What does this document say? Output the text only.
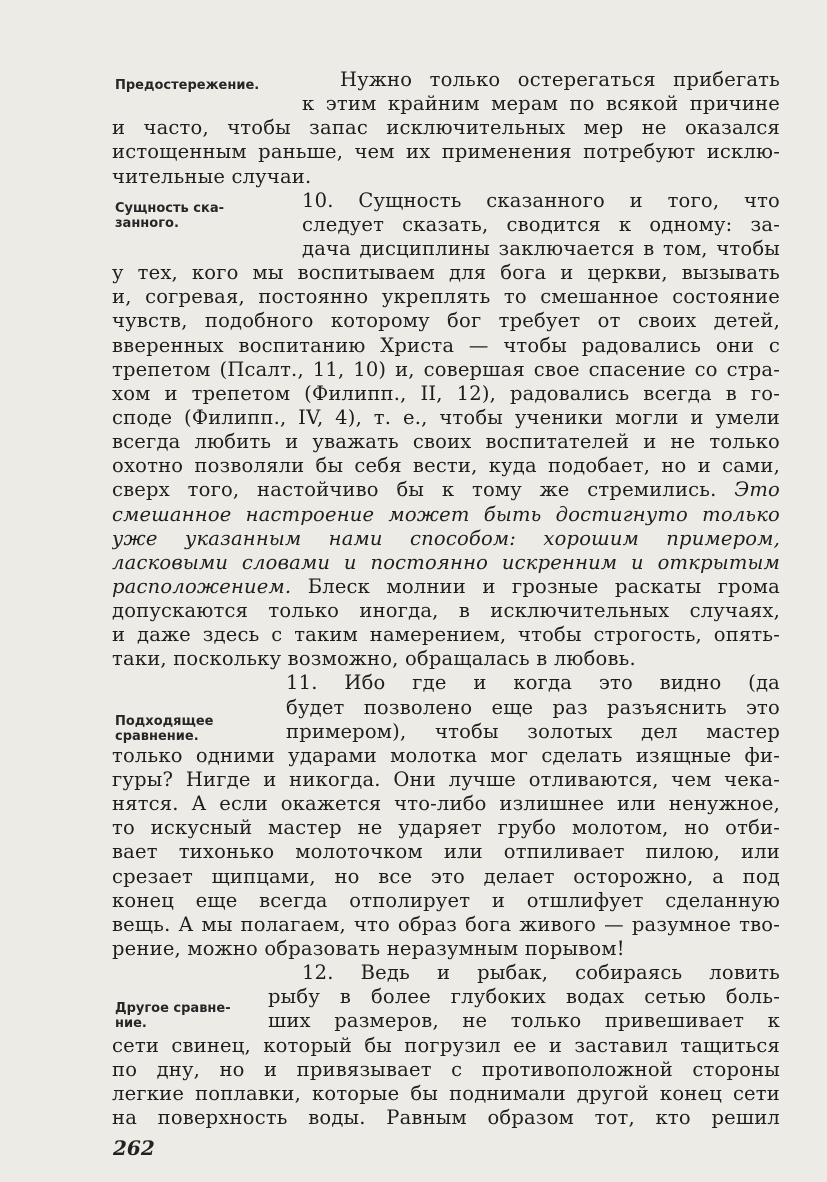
Предостережение.
Сущность ска-
занного.
Подходящее
сравнение.
Другое сравне-
ние.
Нужно только остерегаться прибегать
к этим крайним мерам по всякой причине
и часто, чтобы запас исключительных мер не оказался
истощенным раньше, чем их применения потребуют исклю-
чительные случаи.
10. Сущность сказанного и того, что
следует сказать, сводится к одному: за-
дача дисциплины заключается в том, чтобы
у тех, кого мы воспитываем для бога и церкви, вызывать
и, согревая, постоянно укреплять то смешанное состояние
чувств, подобного которому бог требует от своих детей,
вверенных воспитанию Христа — чтобы радовались они с
трепетом (Псалт., 11, 10) и, совершая свое спасение со стра-
хом и трепетом (Филипп., II, 12), радовались всегда в го-
споде (Филипп., IV, 4), т. е., чтобы ученики могли и умели
всегда любить и уважать своих воспитателей и не только
охотно позволяли бы себя вести, куда подобает, но и сами,
сверх того, настойчиво бы к тому же стремились. Это
смешанное настроение может быть достигнуто только
уже указанным нами способом: хорошим примером,
ласковыми словами и постоянно искренним и открытым
расположением. Блеск молнии и грозные раскаты грома
допускаются только иногда, в исключительных случаях,
и даже здесь с таким намерением, чтобы строгость, опять-
таки, поскольку возможно, обращалась в любовь.
11. Ибо где и когда это видно (да
будет позволено еще раз разъяснить это
примером), чтобы золотых дел мастер
только одними ударами молотка мог сделать изящные фи-
гуры? Нигде и никогда. Они лучше отливаются, чем чека-
нятся. А если окажется что-либо излишнее или ненужное,
то искусный мастер не ударяет грубо молотом, но отби-
вает тихонько молоточком или отпиливает пилою, или
срезает щипцами, но все это делает осторожно, а под
конец еще всегда отполирует и отшлифует сделанную
вещь. А мы полагаем, что образ бога живого — разумное тво-
рение, можно образовать неразумным порывом!
12. Ведь и рыбак, собираясь ловить
рыбу в более глубоких водах сетью боль-
ших размеров, не только привешивает к
сети свинец, который бы погрузил ее и заставил тащиться
по дну, но и привязывает с противоположной стороны
легкие поплавки, которые бы поднимали другой конец сети
на поверхность воды. Равным образом тот, кто решил
262
